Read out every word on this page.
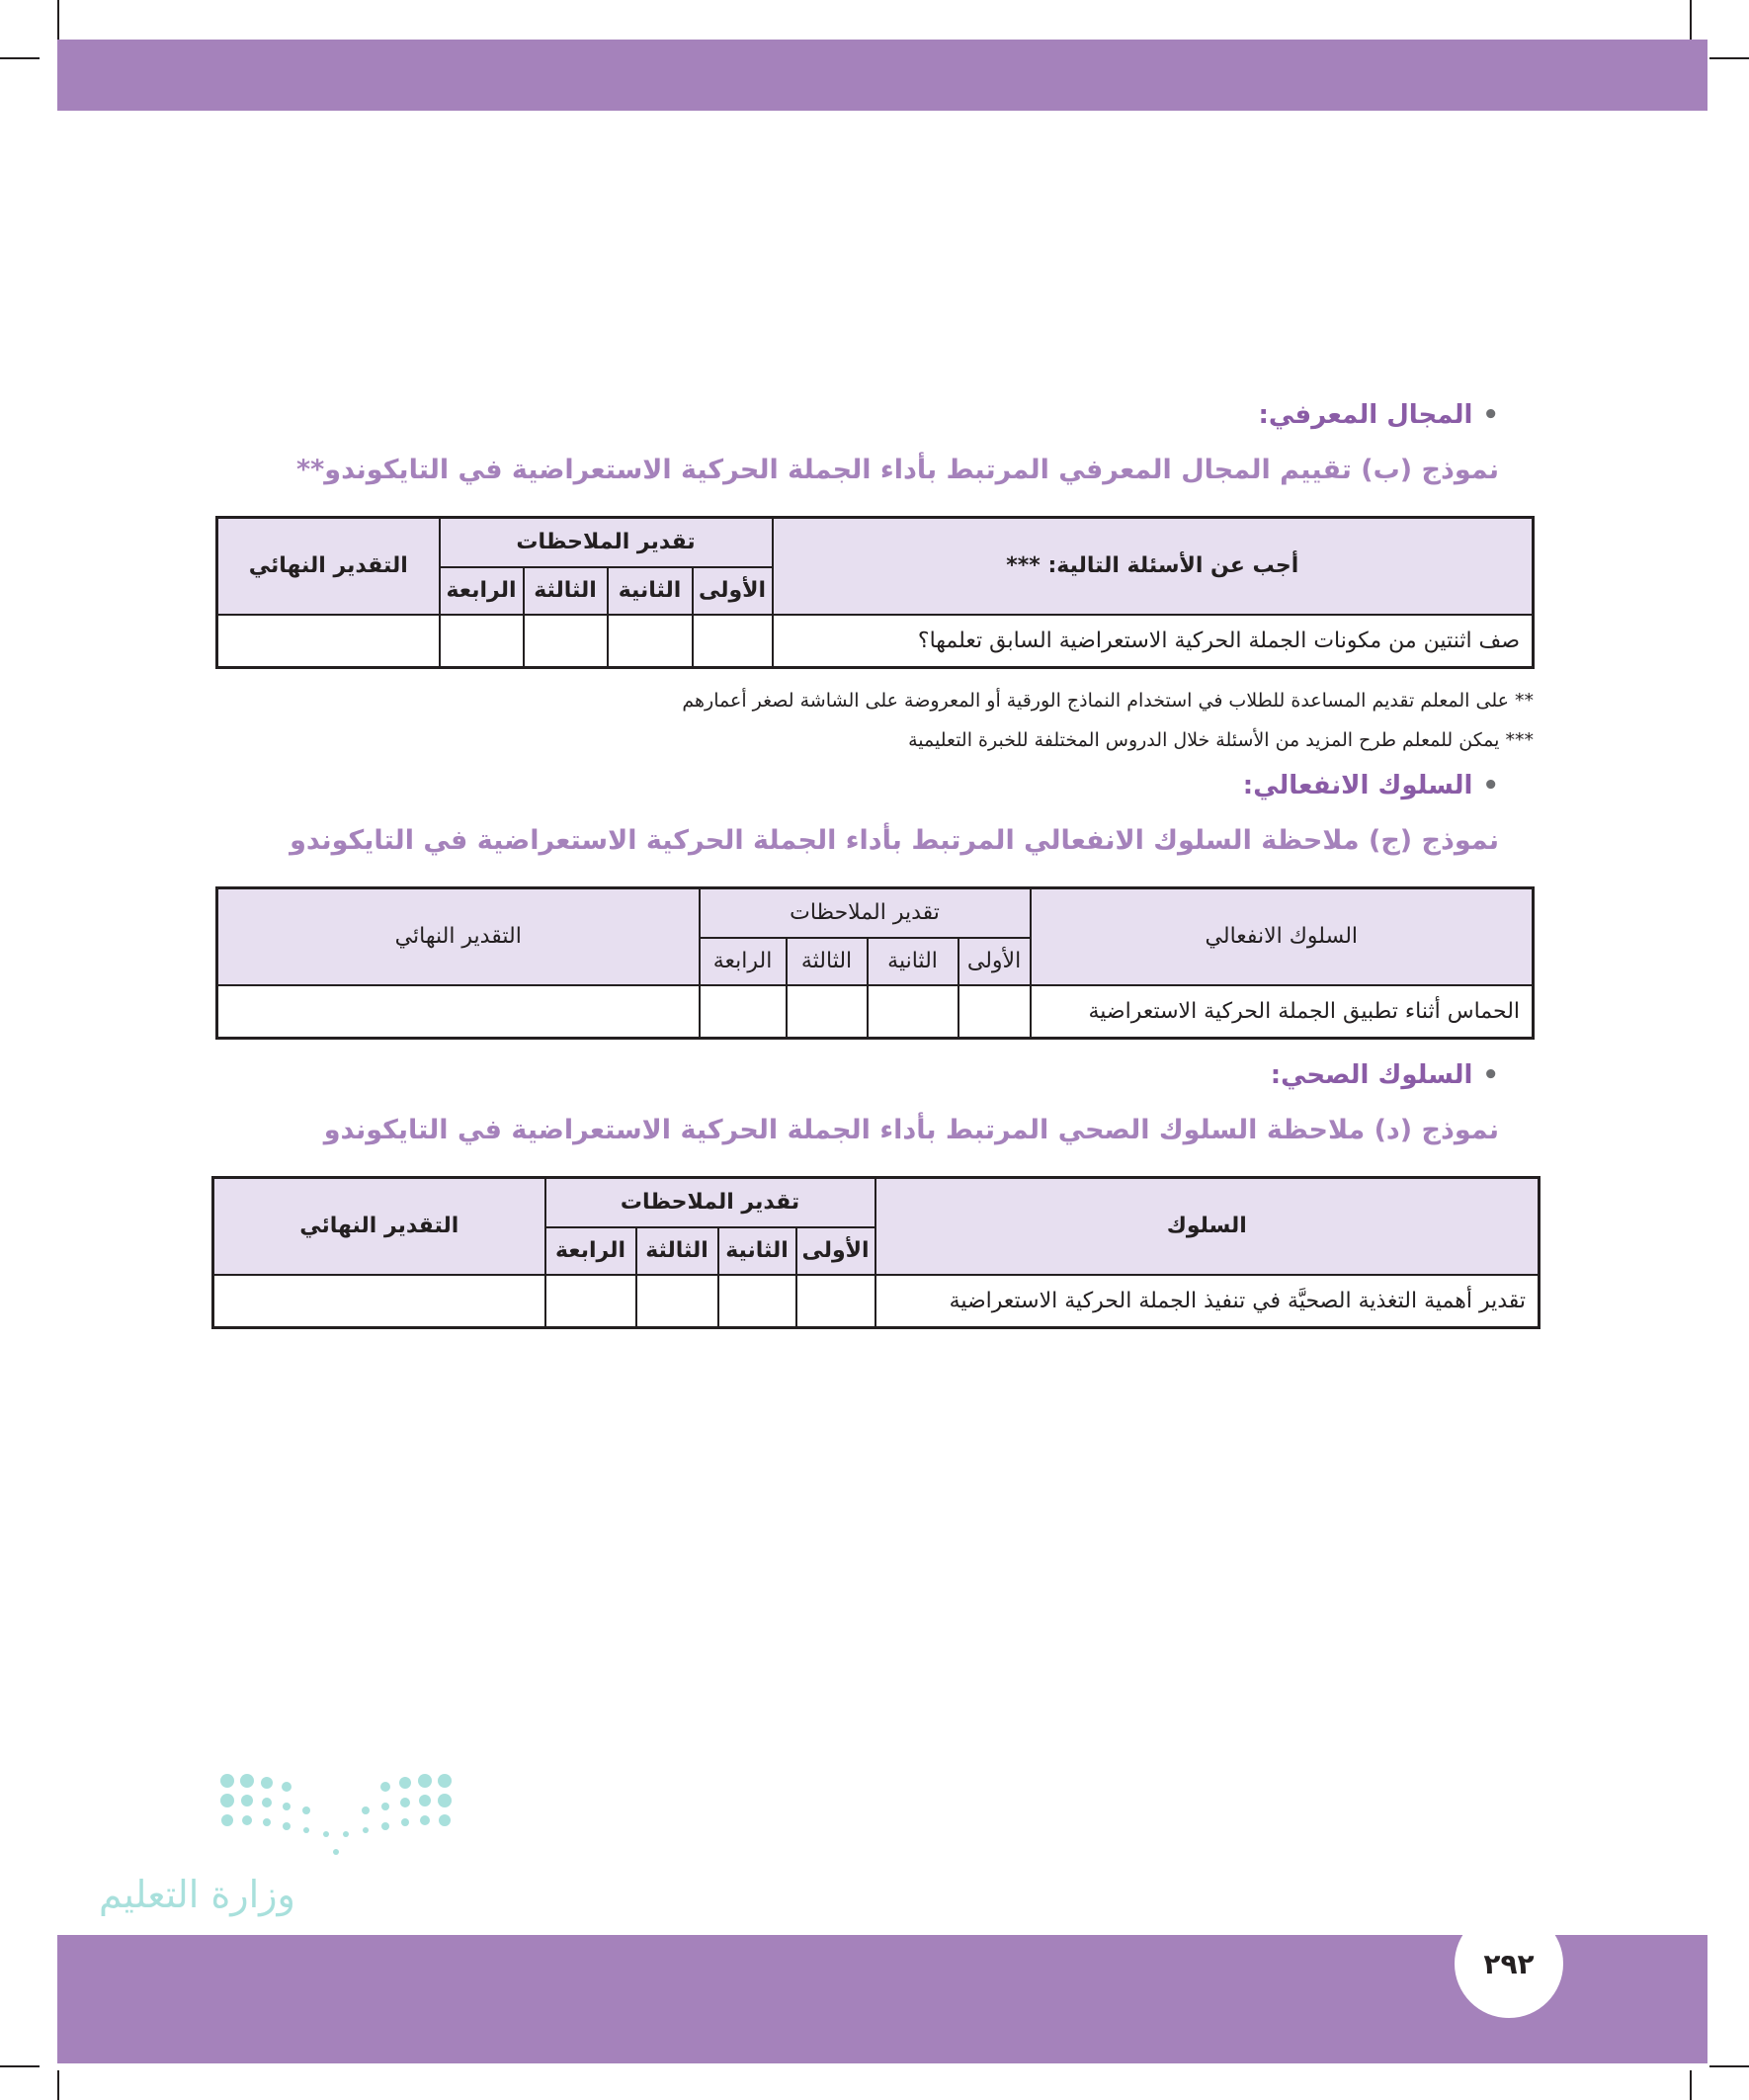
•المجال المعرفي:
نموذج (ب) تقييم المجال المعرفي المرتبط بأداء الجملة الحركية الاستعراضية في التايكوندو**
أجب عن الأسئلة التالية: ***	تقدير الملاحظات				التقدير النهائي
	الأولى	الثانية	الثالثة	الرابعة	
صف اثنتين من مكونات الجملة الحركية الاستعراضية السابق تعلمها؟					
** على المعلم تقديم المساعدة للطلاب في استخدام النماذج الورقية أو المعروضة على الشاشة لصغر أعمارهم
*** يمكن للمعلم طرح المزيد من الأسئلة خلال الدروس المختلفة للخبرة التعليمية
•السلوك الانفعالي:
نموذج (ج) ملاحظة السلوك الانفعالي المرتبط بأداء الجملة الحركية الاستعراضية في التايكوندو
السلوك الانفعالي	تقدير الملاحظات				التقدير النهائي
	الأولى	الثانية	الثالثة	الرابعة	
الحماس أثناء تطبيق الجملة الحركية الاستعراضية					
•السلوك الصحي:
نموذج (د) ملاحظة السلوك الصحي المرتبط بأداء الجملة الحركية الاستعراضية في التايكوندو
السلوك	تقدير الملاحظات				التقدير النهائي
	الأولى	الثانية	الثالثة	الرابعة	
تقدير أهمية التغذية الصحيَّة في تنفيذ الجملة الحركية الاستعراضية					
وزارة التعليم
٢٩٢
